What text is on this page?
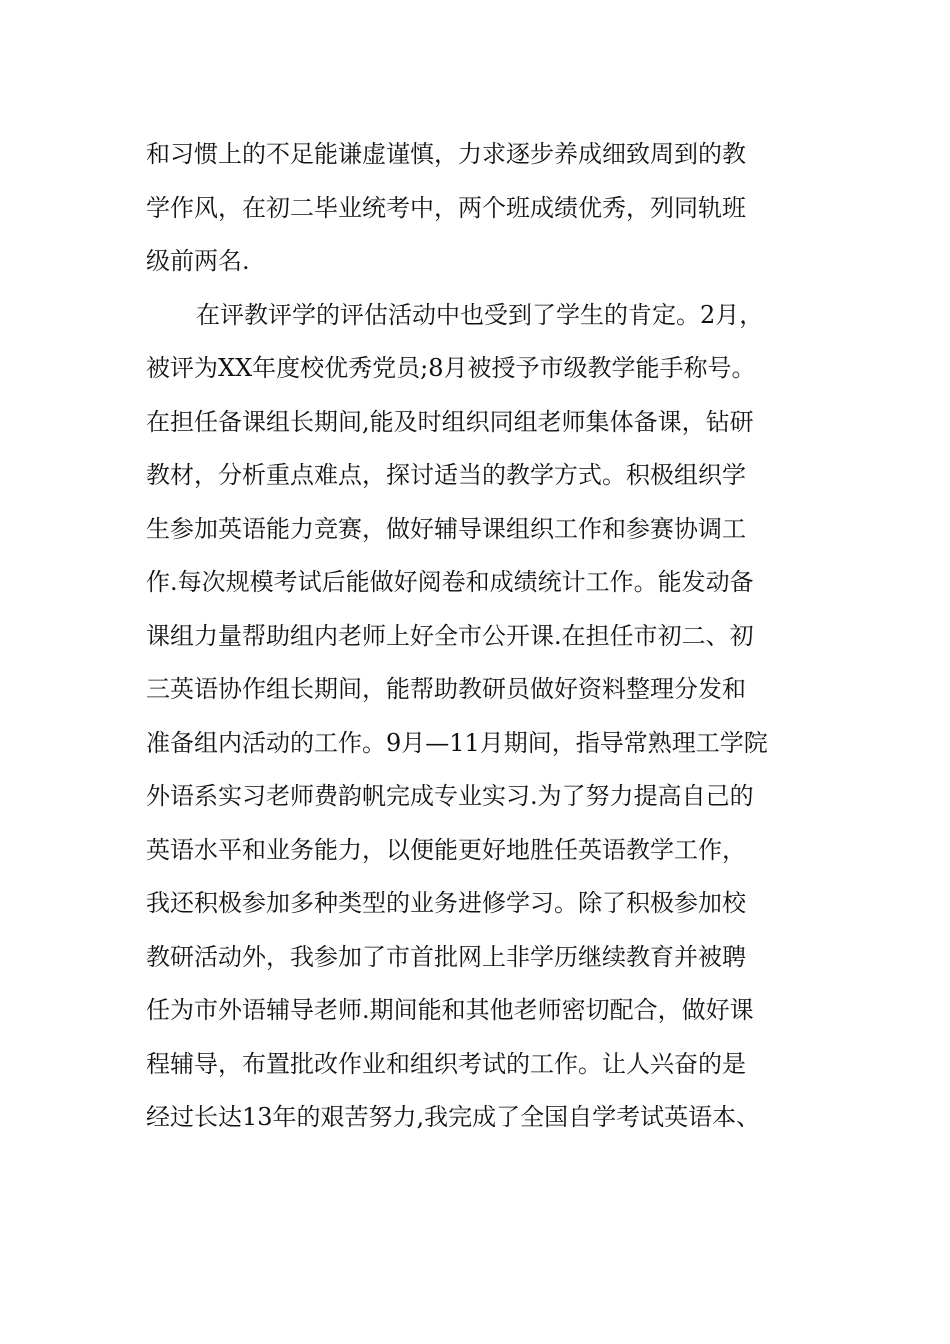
和习惯上的不足能谦虚谨慎，力求逐步养成细致周到的教
学作风，在初二毕业统考中，两个班成绩优秀，列同轨班
级前两名.
在评教评学的评估活动中也受到了学生的肯定。2月，
被评为XX年度校优秀党员;8月被授予市级教学能手称号。
在担任备课组长期间,能及时组织同组老师集体备课，钻研
教材，分析重点难点，探讨适当的教学方式。积极组织学
生参加英语能力竞赛，做好辅导课组织工作和参赛协调工
作.每次规模考试后能做好阅卷和成绩统计工作。能发动备
课组力量帮助组内老师上好全市公开课.在担任市初二、初
三英语协作组长期间，能帮助教研员做好资料整理分发和
准备组内活动的工作。9月—11月期间，指导常熟理工学院
外语系实习老师费韵帆完成专业实习.为了努力提高自己的
英语水平和业务能力，以便能更好地胜任英语教学工作，
我还积极参加多种类型的业务进修学习。除了积极参加校
教研活动外，我参加了市首批网上非学历继续教育并被聘
任为市外语辅导老师.期间能和其他老师密切配合，做好课
程辅导，布置批改作业和组织考试的工作。让人兴奋的是
经过长达13年的艰苦努力,我完成了全国自学考试英语本、
